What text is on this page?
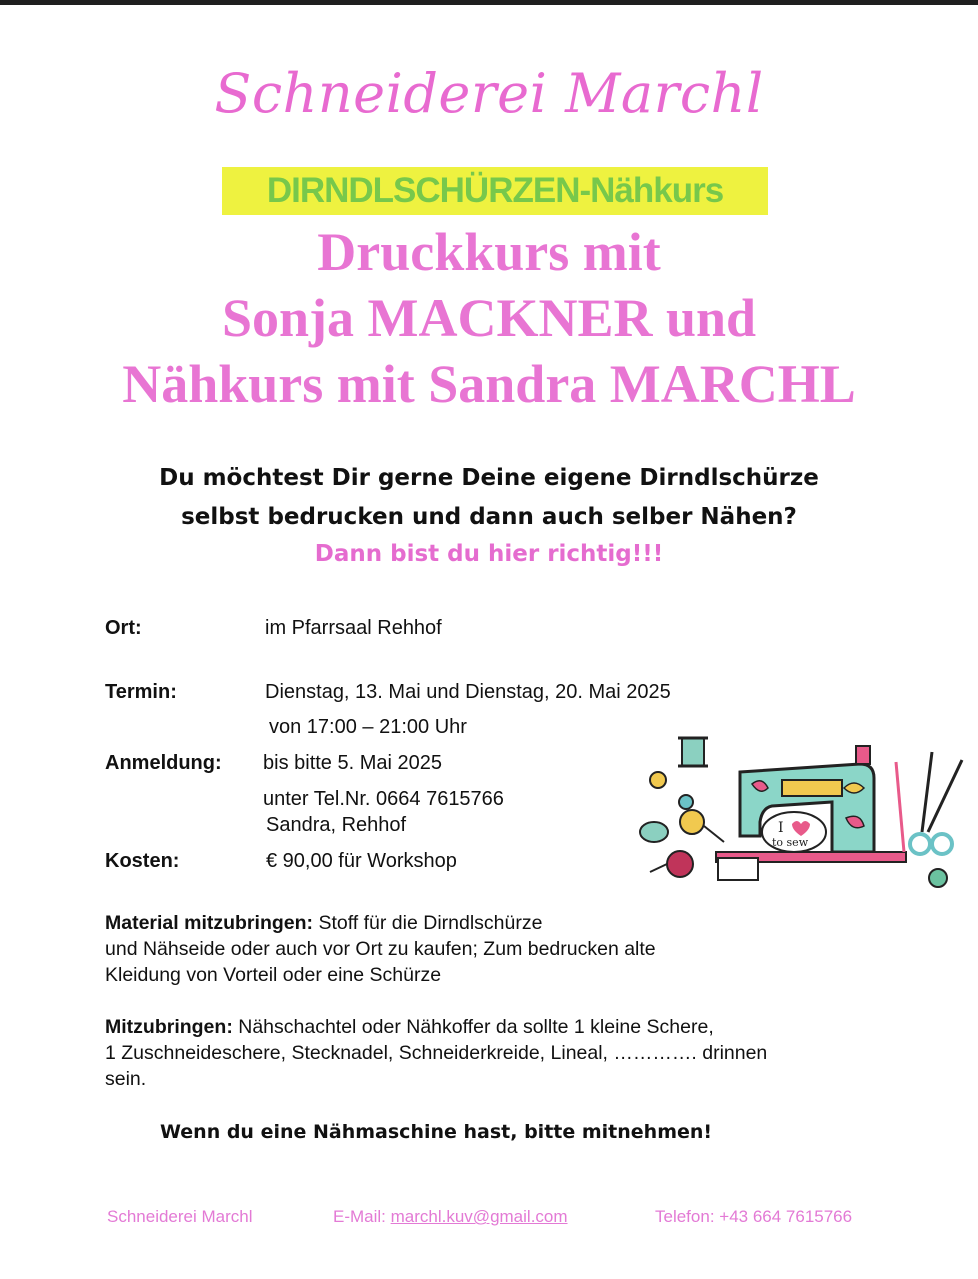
Schneiderei Marchl
DIRNDLSCHÜRZEN-Nähkurs
Druckkurs mit
Sonja MACKNER und
Nähkurs mit Sandra MARCHL
Du möchtest Dir gerne Deine eigene Dirndlschürze
selbst bedrucken und dann auch selber Nähen?
Dann bist du hier richtig!!!
Ort:	im Pfarrsaal Rehhof
Termin:	Dienstag, 13. Mai und Dienstag, 20. Mai 2025
von 17:00 – 21:00 Uhr
Anmeldung: bis bitte 5. Mai 2025
unter Tel.Nr. 0664 7615766
Sandra, Rehhof
Kosten:	€ 90,00 für Workshop
I
to sew
Material mitzubringen: Stoff für die Dirndlschürze
und Nähseide oder auch vor Ort zu kaufen; Zum bedrucken alte
Kleidung von Vorteil oder eine Schürze
Mitzubringen: Nähschachtel oder Nähkoffer da sollte 1 kleine Schere,
1 Zuschneideschere, Stecknadel, Schneiderkreide, Lineal, …………. drinnen
sein.
Wenn du eine Nähmaschine hast, bitte mitnehmen!
Schneiderei Marchl	E-Mail: marchl.kuv@gmail.com	Telefon: +43 664 7615766
